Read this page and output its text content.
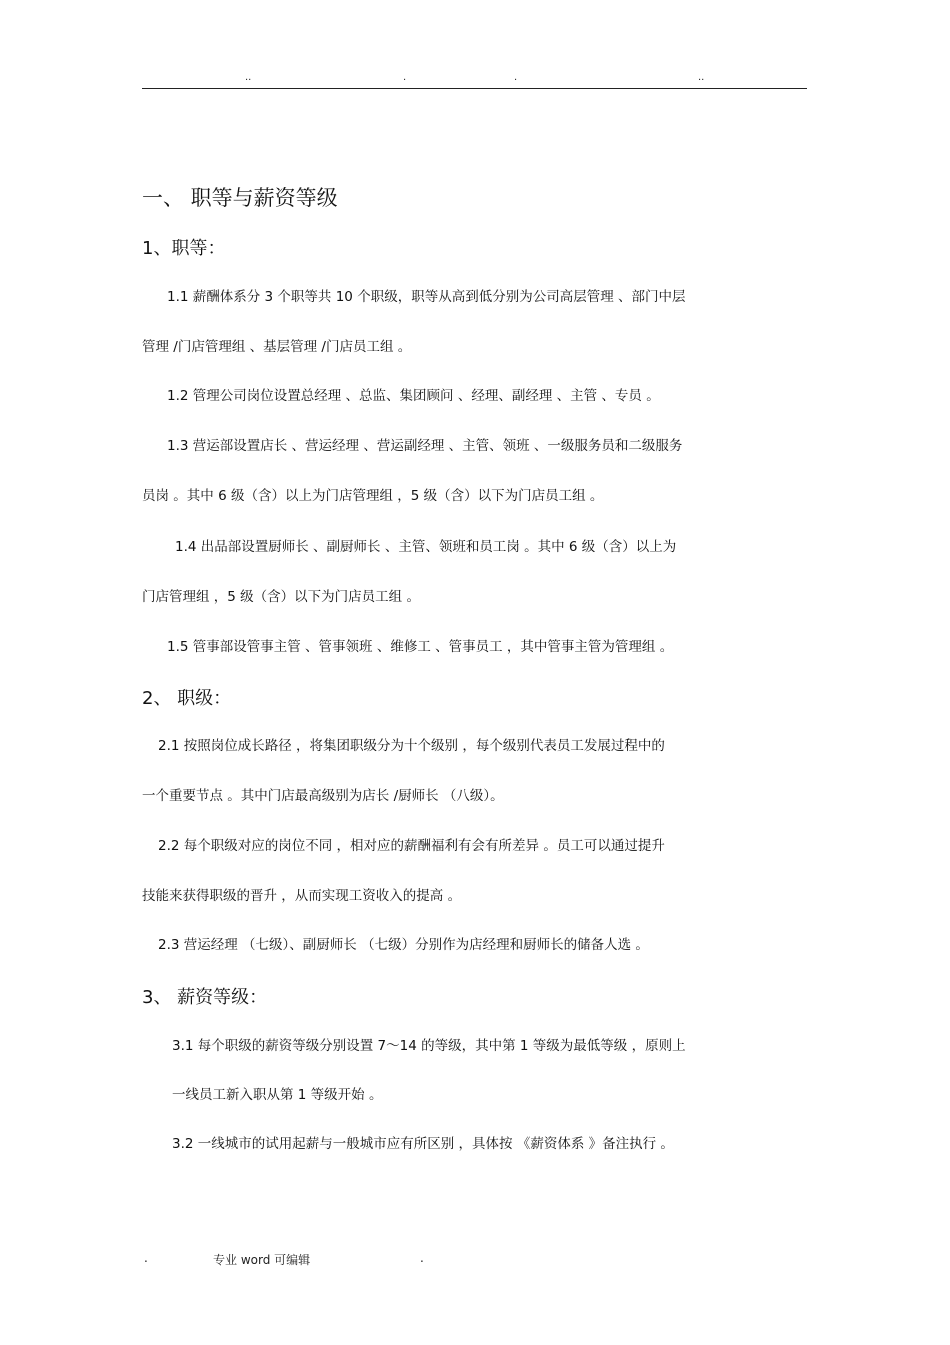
..	.	.	..
一、 职等与薪资等级
1、职等：
1.1 薪酬体系分 3 个职等共 10 个职级，职等从高到低分别为公司高层管理 、部门中层
管理 /门店管理组 、基层管理 /门店员工组 。
1.2 管理公司岗位设置总经理 、总监、集团顾问 、经理、副经理 、主管 、专员 。
1.3 营运部设置店长 、营运经理 、营运副经理 、主管、领班 、一级服务员和二级服务
员岗 。其中 6 级（含）以上为门店管理组 ，5 级（含）以下为门店员工组 。
1.4 出品部设置厨师长 、副厨师长 、主管、领班和员工岗 。其中 6 级（含）以上为
门店管理组 ，5 级（含）以下为门店员工组 。
1.5 管事部设管事主管 、管事领班 、维修工 、管事员工 ，其中管事主管为管理组 。
2、 职级：
2.1 按照岗位成长路径 ，将集团职级分为十个级别 ，每个级别代表员工发展过程中的
一个重要节点 。其中门店最高级别为店长 /厨师长 （八级）。
2.2 每个职级对应的岗位不同 ，相对应的薪酬福利有会有所差异 。员工可以通过提升
技能来获得职级的晋升 ，从而实现工资收入的提高 。
2.3 营运经理 （七级）、副厨师长 （七级）分别作为店经理和厨师长的储备人选 。
3、 薪资等级：
3.1 每个职级的薪资等级分别设置 7～14 的等级，其中第 1 等级为最低等级 ，原则上
一线员工新入职从第 1 等级开始 。
3.2 一线城市的试用起薪与一般城市应有所区别 ，具体按 《薪资体系 》备注执行 。
.	专业 word 可编辑	.
